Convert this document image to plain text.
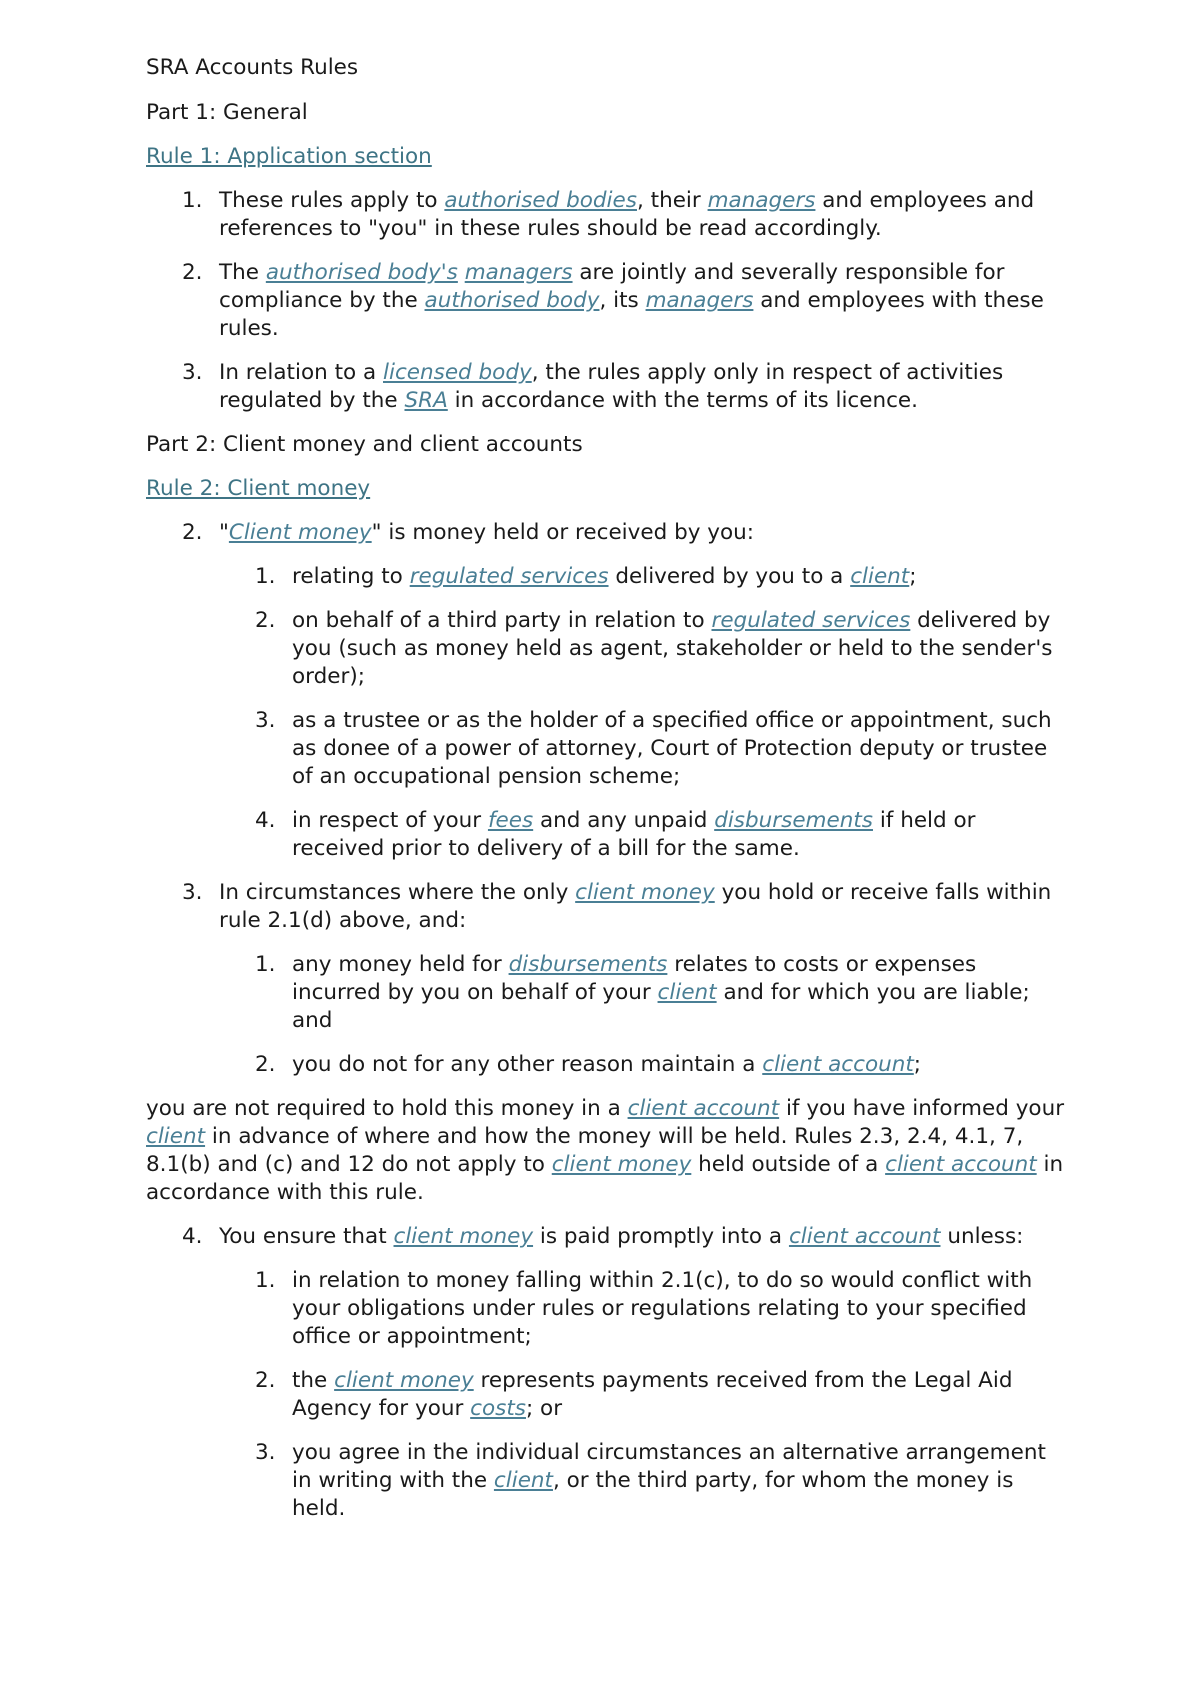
SRA Accounts Rules

Part 1: General

Rule 1: Application section

1. These rules apply to authorised bodies, their managers and employees and references to "you" in these rules should be read accordingly.
2. The authorised body's managers are jointly and severally responsible for compliance by the authorised body, its managers and employees with these rules.
3. In relation to a licensed body, the rules apply only in respect of activities regulated by the SRA in accordance with the terms of its licence.

Part 2: Client money and client accounts

Rule 2: Client money

2. "Client money" is money held or received by you:
1. relating to regulated services delivered by you to a client;
2. on behalf of a third party in relation to regulated services delivered by you (such as money held as agent, stakeholder or held to the sender's order);
3. as a trustee or as the holder of a specified office or appointment, such as donee of a power of attorney, Court of Protection deputy or trustee of an occupational pension scheme;
4. in respect of your fees and any unpaid disbursements if held or received prior to delivery of a bill for the same.
3. In circumstances where the only client money you hold or receive falls within rule 2.1(d) above, and:
1. any money held for disbursements relates to costs or expenses incurred by you on behalf of your client and for which you are liable; and
2. you do not for any other reason maintain a client account;

you are not required to hold this money in a client account if you have informed your client in advance of where and how the money will be held. Rules 2.3, 2.4, 4.1, 7, 8.1(b) and (c) and 12 do not apply to client money held outside of a client account in accordance with this rule.

4. You ensure that client money is paid promptly into a client account unless:
1. in relation to money falling within 2.1(c), to do so would conflict with your obligations under rules or regulations relating to your specified office or appointment;
2. the client money represents payments received from the Legal Aid Agency for your costs; or
3. you agree in the individual circumstances an alternative arrangement in writing with the client, or the third party, for whom the money is held.
